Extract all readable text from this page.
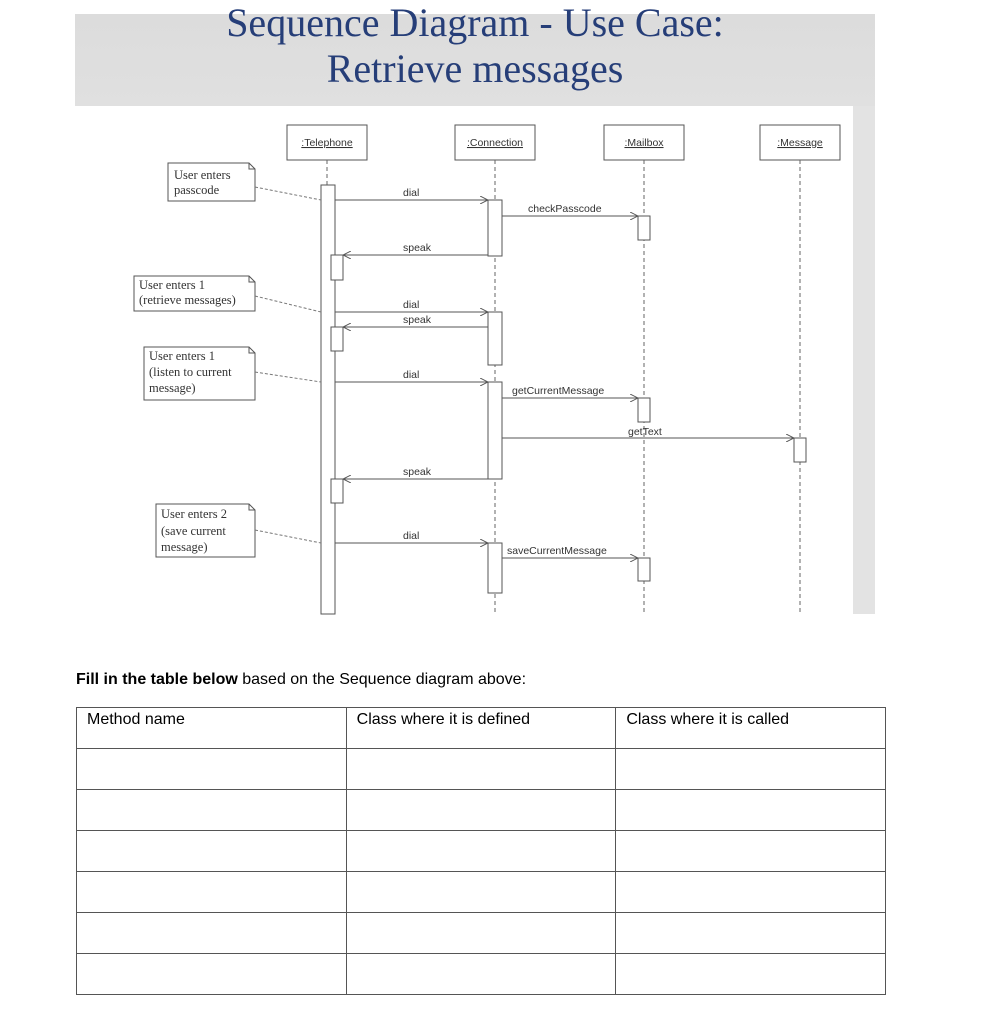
Sequence Diagram - Use Case:
Retrieve messages
:Telephone	:Connection	:Mailbox	:Message
dial
checkPasscode
speak
dial
speak
dial
getCurrentMessage
getText
speak
dial
saveCurrentMessage
User enters
passcode
User enters 1
(retrieve messages)
User enters 1
(listen to current
message)
User enters 2
(save current
message)
Fill in the table below based on the Sequence diagram above:
Method name	Class where it is defined	Class where it is called
